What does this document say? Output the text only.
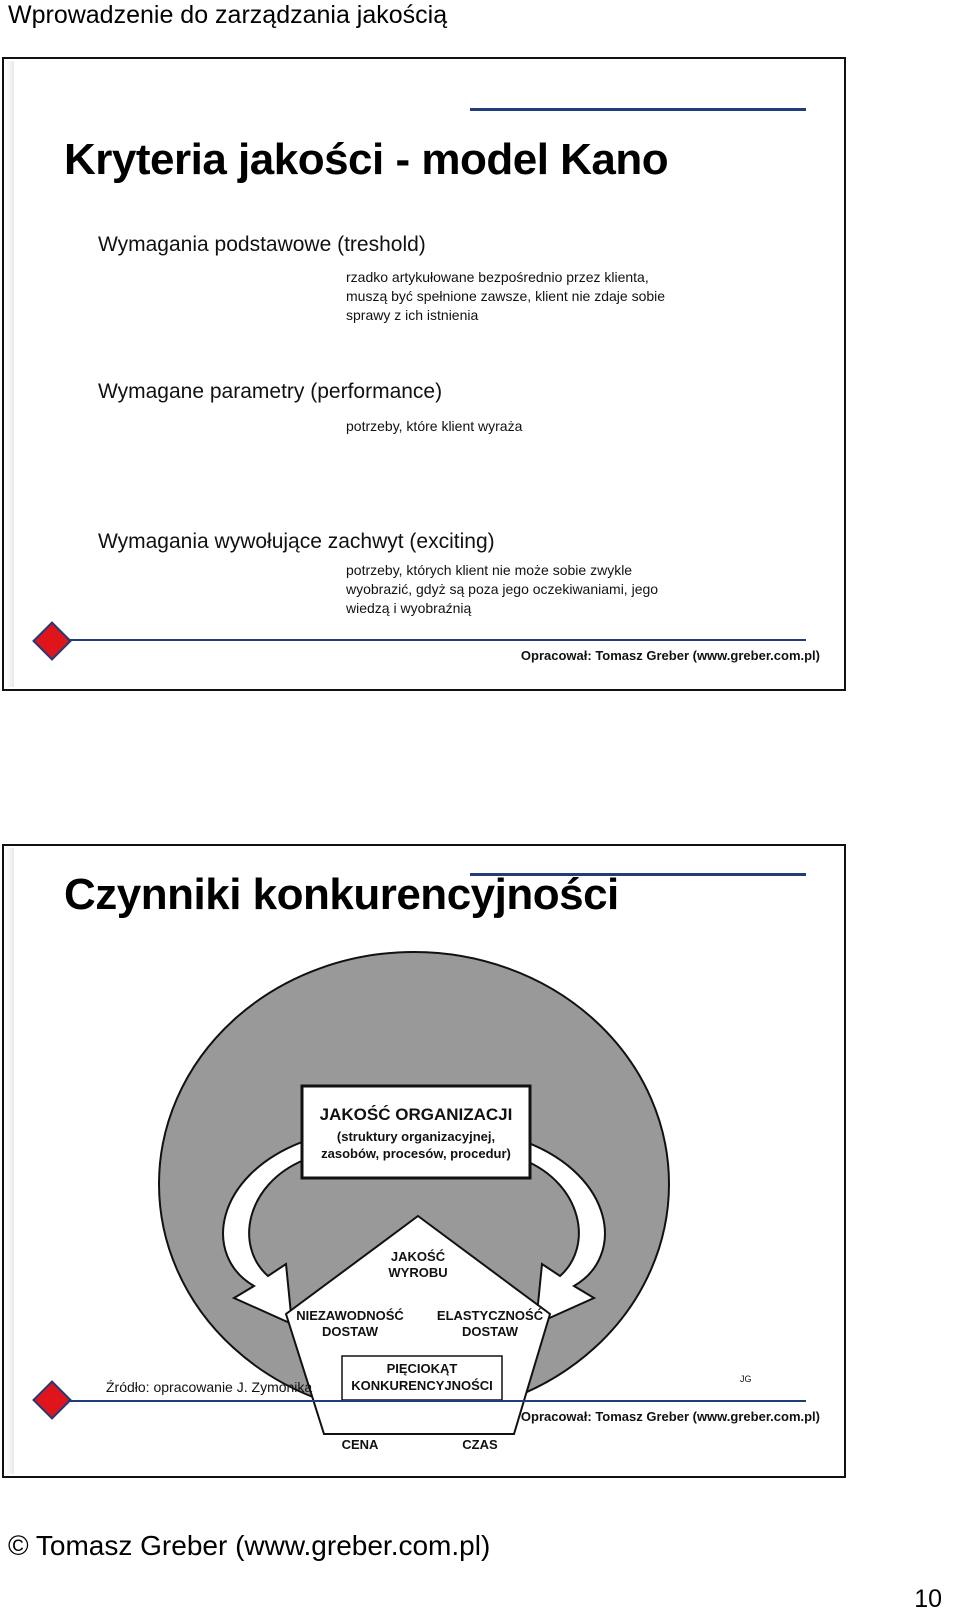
Wprowadzenie do zarządzania jakością
Kryteria jakości - model Kano
Wymagania podstawowe (treshold)
rzadko artykułowane bezpośrednio przez klienta,
muszą być spełnione zawsze, klient nie zdaje sobie
sprawy z ich istnienia
Wymagane parametry (performance)
potrzeby, które klient wyraża
Wymagania wywołujące zachwyt (exciting)
potrzeby, których klient nie może sobie zwykle
wyobrazić, gdyż są poza jego oczekiwaniami, jego
wiedzą i wyobraźnią
Opracował: Tomasz Greber (www.greber.com.pl)
Czynniki konkurencyjności
JAKOŚĆ ORGANIZACJI
(struktury organizacyjnej,
zasobów, procesów, procedur)
JAKOŚĆ
WYROBU
NIEZAWODNOŚĆ
DOSTAW
ELASTYCZNOŚĆ
DOSTAW
PIĘCIOKĄT
KONKURENCYJNOŚCI
CENA	CZAS
JG
Źródło: opracowanie J. Zymonika
Opracował: Tomasz Greber (www.greber.com.pl)
© Tomasz Greber (www.greber.com.pl)
10
